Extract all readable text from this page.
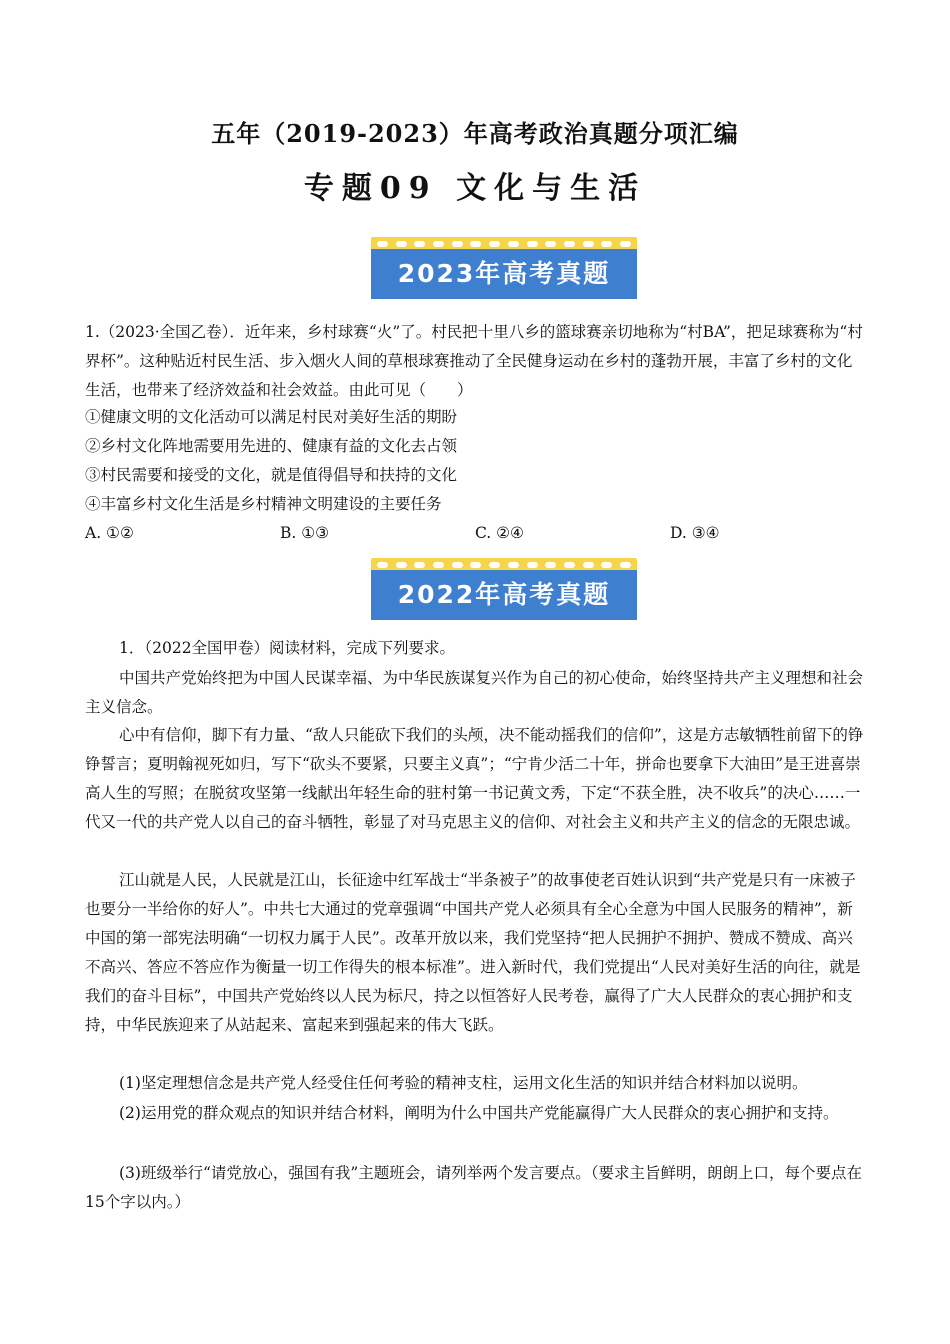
五年（2019-2023）年高考政治真题分项汇编
专题09 文化与生活
2023年高考真题

1.（2023·全国乙卷）．近年来，乡村球赛“火”了。村民把十里八乡的篮球赛亲切地称为“村BA”，把足球赛称为“村界杯”。这种贴近村民生活、步入烟火人间的草根球赛推动了全民健身运动在乡村的蓬勃开展，丰富了乡村的文化生活，也带来了经济效益和社会效益。由此可见（　　）

①健康文明的文化活动可以满足村民对美好生活的期盼

②乡村文化阵地需要用先进的、健康有益的文化去占领

③村民需要和接受的文化，就是值得倡导和扶持的文化

④丰富乡村文化生活是乡村精神文明建设的主要任务

A. ①②	B. ①③	C. ②④	D. ③④
2022年高考真题

1．（2022全国甲卷）阅读材料，完成下列要求。

中国共产党始终把为中国人民谋幸福、为中华民族谋复兴作为自己的初心使命，始终坚持共产主义理想和社会主义信念。

心中有信仰，脚下有力量、“敌人只能砍下我们的头颅，决不能动摇我们的信仰”，这是方志敏牺牲前留下的铮铮誓言；夏明翰视死如归，写下“砍头不要紧，只要主义真”；“宁肯少活二十年，拼命也要拿下大油田”是王进喜崇高人生的写照；在脱贫攻坚第一线献出年轻生命的驻村第一书记黄文秀，下定“不获全胜，决不收兵”的决心……一代又一代的共产党人以自己的奋斗牺牲，彰显了对马克思主义的信仰、对社会主义和共产主义的信念的无限忠诚。

江山就是人民，人民就是江山，长征途中红军战士“半条被子”的故事使老百姓认识到“共产党是只有一床被子也要分一半给你的好人”。中共七大通过的党章强调“中国共产党人必须具有全心全意为中国人民服务的精神”，新中国的第一部宪法明确“一切权力属于人民”。改革开放以来，我们党坚持“把人民拥护不拥护、赞成不赞成、高兴不高兴、答应不答应作为衡量一切工作得失的根本标准”。进入新时代，我们党提出“人民对美好生活的向往，就是我们的奋斗目标”，中国共产党始终以人民为标尺，持之以恒答好人民考卷，赢得了广大人民群众的衷心拥护和支持，中华民族迎来了从站起来、富起来到强起来的伟大飞跃。

(1)坚定理想信念是共产党人经受住任何考验的精神支柱，运用文化生活的知识并结合材料加以说明。

(2)运用党的群众观点的知识并结合材料，阐明为什么中国共产党能赢得广大人民群众的衷心拥护和支持。

(3)班级举行“请党放心，强国有我”主题班会，请列举两个发言要点。（要求主旨鲜明，朗朗上口，每个要点在15个字以内。）
